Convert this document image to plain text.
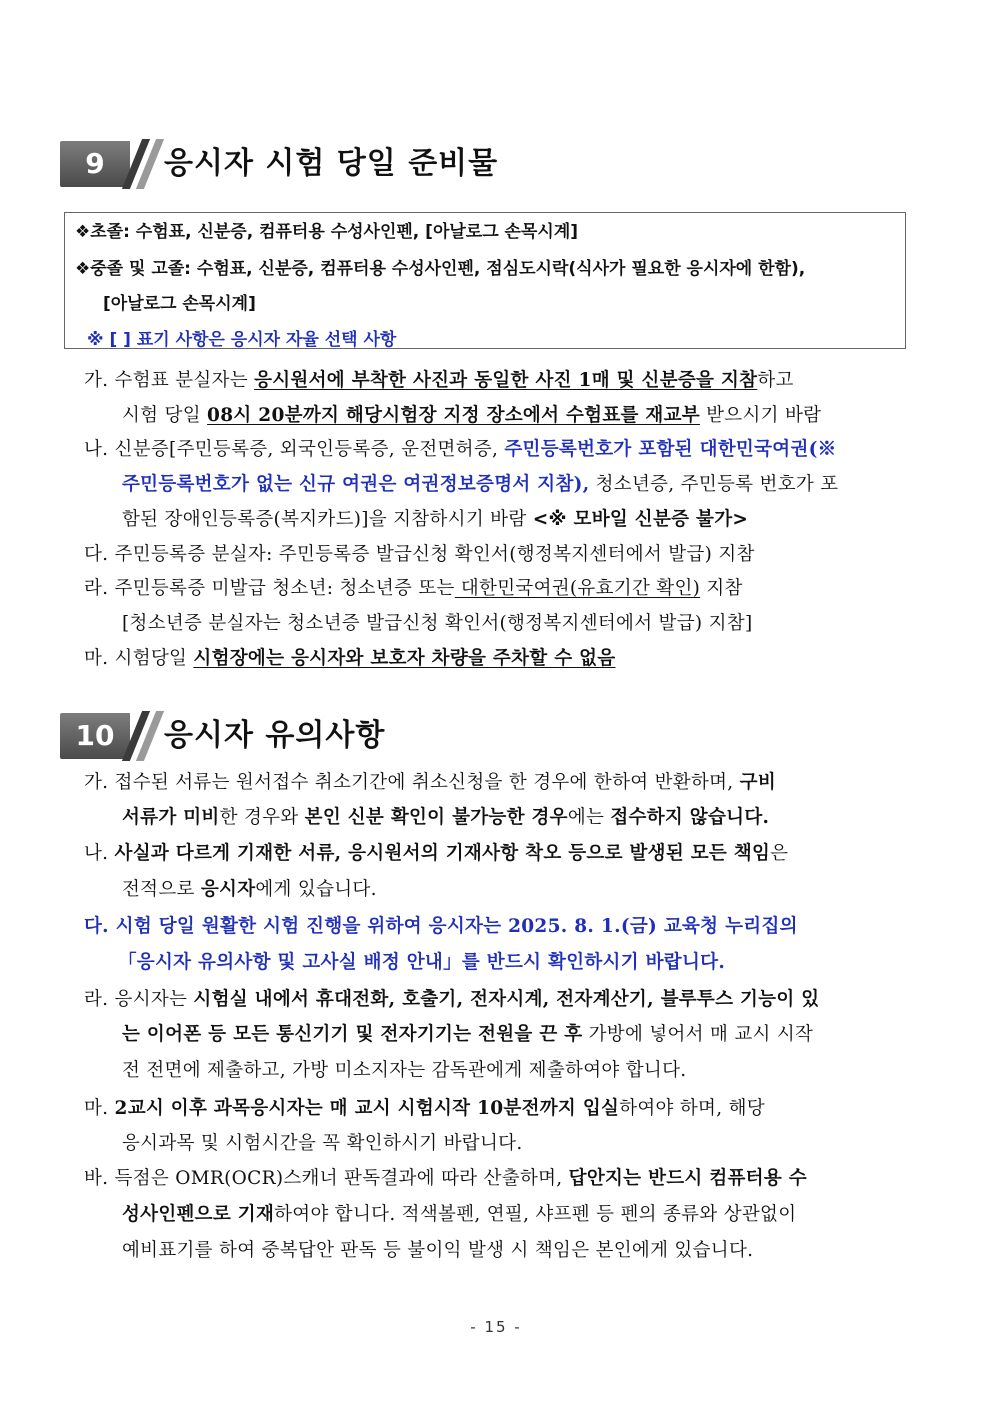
9	응시자 시험 당일 준비물
❖초졸: 수험표, 신분증, 컴퓨터용 수성사인펜, [아날로그 손목시계]
❖중졸 및 고졸: 수험표, 신분증, 컴퓨터용 수성사인펜, 점심도시락(식사가 필요한 응시자에 한함),
[아날로그 손목시계]
※ [ ] 표기 사항은 응시자 자율 선택 사항
가. 수험표 분실자는 응시원서에 부착한 사진과 동일한 사진 1매 및 신분증을 지참하고
시험 당일 08시 20분까지 해당시험장 지정 장소에서 수험표를 재교부 받으시기 바람
나. 신분증[주민등록증, 외국인등록증, 운전면허증, 주민등록번호가 포함된 대한민국여권(※
주민등록번호가 없는 신규 여권은 여권정보증명서 지참), 청소년증, 주민등록 번호가 포
함된 장애인등록증(복지카드)]을 지참하시기 바람 <※ 모바일 신분증 불가>
다. 주민등록증 분실자: 주민등록증 발급신청 확인서(행정복지센터에서 발급) 지참
라. 주민등록증 미발급 청소년: 청소년증 또는 대한민국여권(유효기간 확인) 지참
[청소년증 분실자는 청소년증 발급신청 확인서(행정복지센터에서 발급) 지참]
마. 시험당일 시험장에는 응시자와 보호자 차량을 주차할 수 없음
10	응시자 유의사항
가. 접수된 서류는 원서접수 취소기간에 취소신청을 한 경우에 한하여 반환하며, 구비
서류가 미비한 경우와 본인 신분 확인이 불가능한 경우에는 접수하지 않습니다.
나. 사실과 다르게 기재한 서류, 응시원서의 기재사항 착오 등으로 발생된 모든 책임은
전적으로 응시자에게 있습니다.
다. 시험 당일 원활한 시험 진행을 위하여 응시자는 2025. 8. 1.(금) 교육청 누리집의
「응시자 유의사항 및 고사실 배정 안내」를 반드시 확인하시기 바랍니다.
라. 응시자는 시험실 내에서 휴대전화, 호출기, 전자시계, 전자계산기, 블루투스 기능이 있
는 이어폰 등 모든 통신기기 및 전자기기는 전원을 끈 후 가방에 넣어서 매 교시 시작
전 전면에 제출하고, 가방 미소지자는 감독관에게 제출하여야 합니다.
마. 2교시 이후 과목응시자는 매 교시 시험시작 10분전까지 입실하여야 하며, 해당
응시과목 및 시험시간을 꼭 확인하시기 바랍니다.
바. 득점은 OMR(OCR)스캐너 판독결과에 따라 산출하며, 답안지는 반드시 컴퓨터용 수
성사인펜으로 기재하여야 합니다. 적색볼펜, 연필, 샤프펜 등 펜의 종류와 상관없이
예비표기를 하여 중복답안 판독 등 불이익 발생 시 책임은 본인에게 있습니다.
- 15 -
